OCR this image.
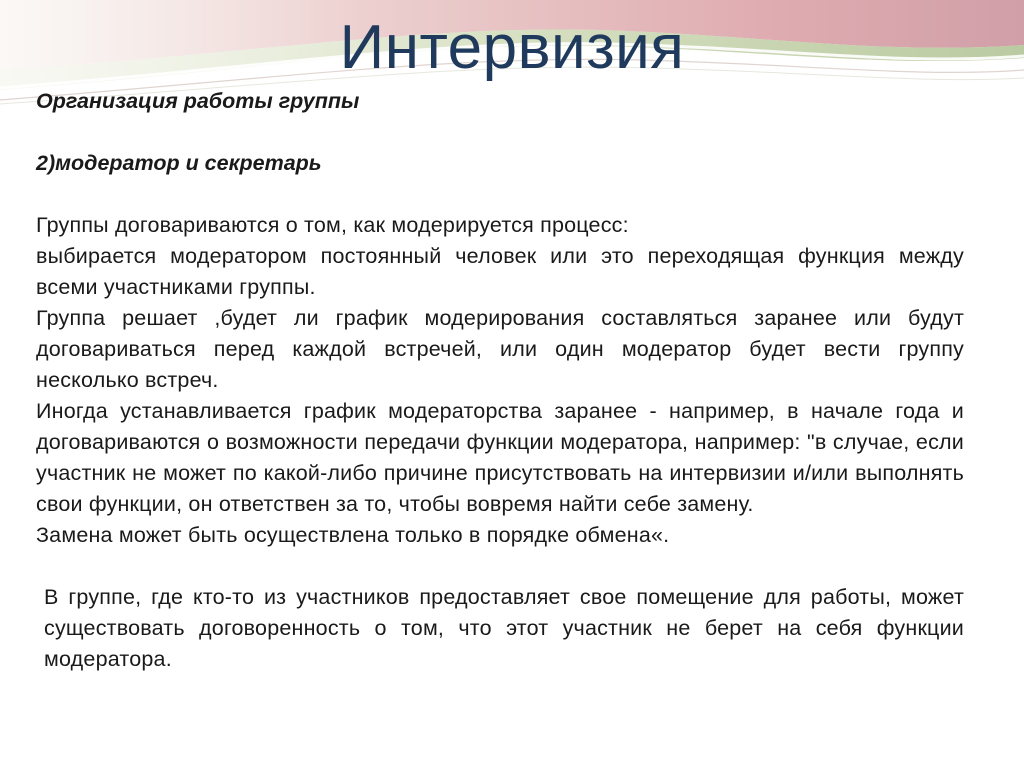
Интервизия

Организация работы группы

2)модератор и секретарь

Группы договариваются о том, как модерируется процесс:

выбирается модератором постоянный человек или это переходящая функция между всеми участниками группы.

Группа решает ,будет ли график модерирования составляться заранее или будут договариваться перед каждой встречей, или один модератор будет вести группу несколько встреч.

Иногда устанавливается график модераторства заранее - например, в начале года и договариваются о возможности передачи функции модератора, например: "в случае, если участник не может по какой-либо причине присутствовать на интервизии и/или выполнять свои функции, он ответствен за то, чтобы вовремя найти себе замену.

Замена может быть осуществлена только в порядке обмена«.

В группе, где кто-то из участников предоставляет свое помещение для работы, может существовать договоренность о том, что этот участник не берет на себя функции модератора.
